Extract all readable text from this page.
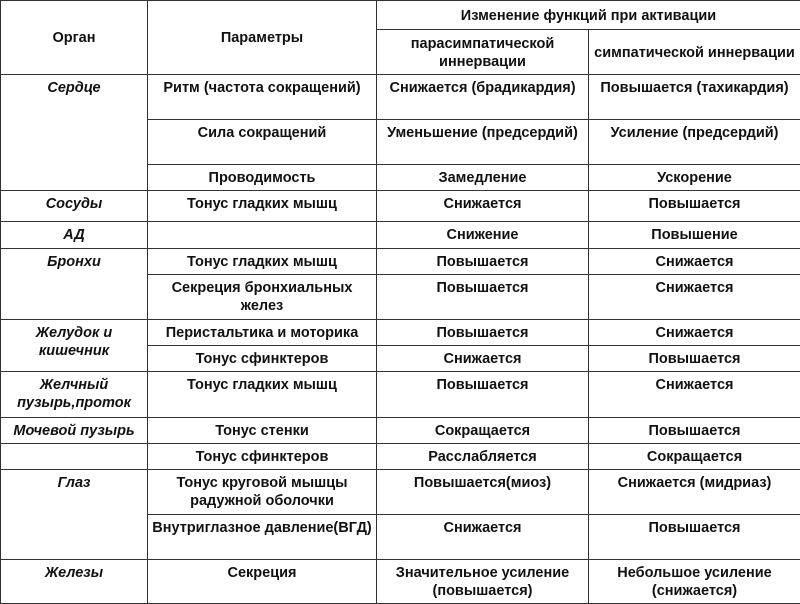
Орган	Параметры	Изменение функций при активации	
		парасимпатической иннервации	симпатической иннервации
Сердце	Ритм (частота сокращений)	Снижается (брадикардия)	Повышается (тахикардия)
	Сила сокращений	Уменьшение (предсердий)	Усиление (предсердий)
	Проводимость	Замедление	Ускорение
Сосуды	Тонус гладких мышц	Снижается	Повышается
АД		Снижение	Повышение
Бронхи	Тонус гладких мышц	Повышается	Снижается
	Секреция бронхиальных желез	Повышается	Снижается
Желудок и кишечник	Перистальтика и моторика	Повышается	Снижается
	Тонус сфинктеров	Снижается	Повышается
Желчный пузырь,проток	Тонус гладких мышц	Повышается	Снижается
Мочевой пузырь	Тонус стенки	Сокращается	Повышается
	Тонус сфинктеров	Расслабляется	Сокращается
Глаз	Тонус круговой мышцы радужной оболочки	Повышается(миоз)	Снижается (мидриаз)
	Внутриглазное давление(ВГД)	Снижается	Повышается
Железы	Секреция	Значительное усиление (повышается)	Небольшое усиление (снижается)
